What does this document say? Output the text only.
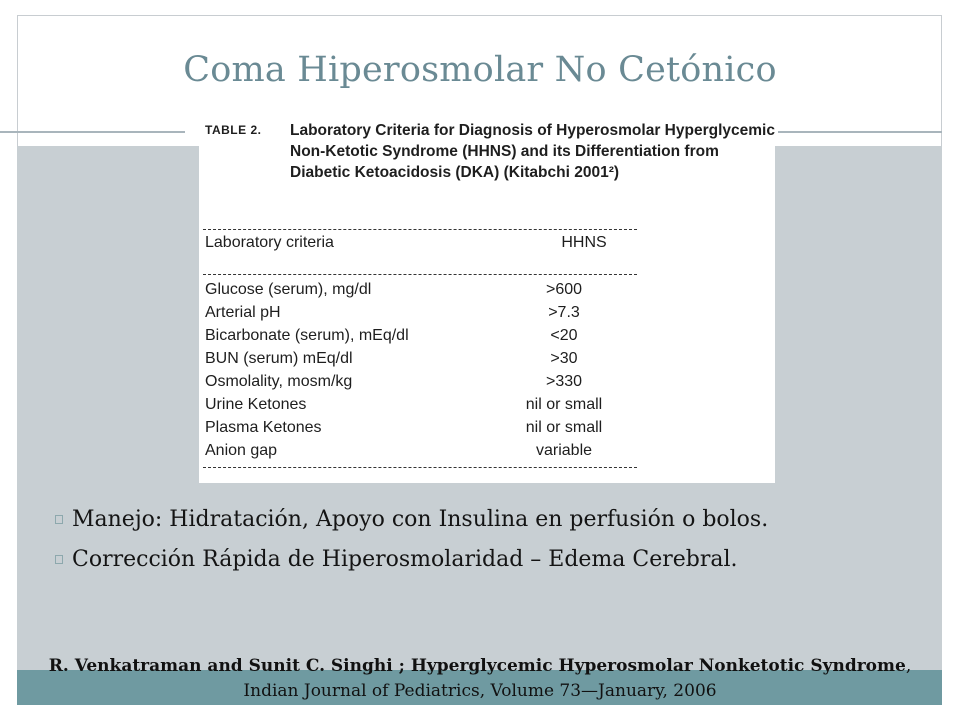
Coma Hiperosmolar No Cetónico
TABLE 2. Laboratory Criteria for Diagnosis of Hyperosmolar Hyperglycemic Non-Ketotic Syndrome (HHNS) and its Differentiation from Diabetic Ketoacidosis (DKA) (Kitabchi 2001²)
Laboratory criteria	HHNS
Glucose (serum), mg/dl	>600
Arterial pH	>7.3
Bicarbonate (serum), mEq/dl	<20
BUN (serum) mEq/dl	>30
Osmolality, mosm/kg	>330
Urine Ketones	nil or small
Plasma Ketones	nil or small
Anion gap	variable
Manejo: Hidratación, Apoyo con Insulina en perfusión o bolos.
Corrección Rápida de Hiperosmolaridad – Edema Cerebral.
R. Venkatraman and Sunit C. Singhi ; Hyperglycemic Hyperosmolar Nonketotic Syndrome, Indian Journal of Pediatrics, Volume 73—January, 2006
